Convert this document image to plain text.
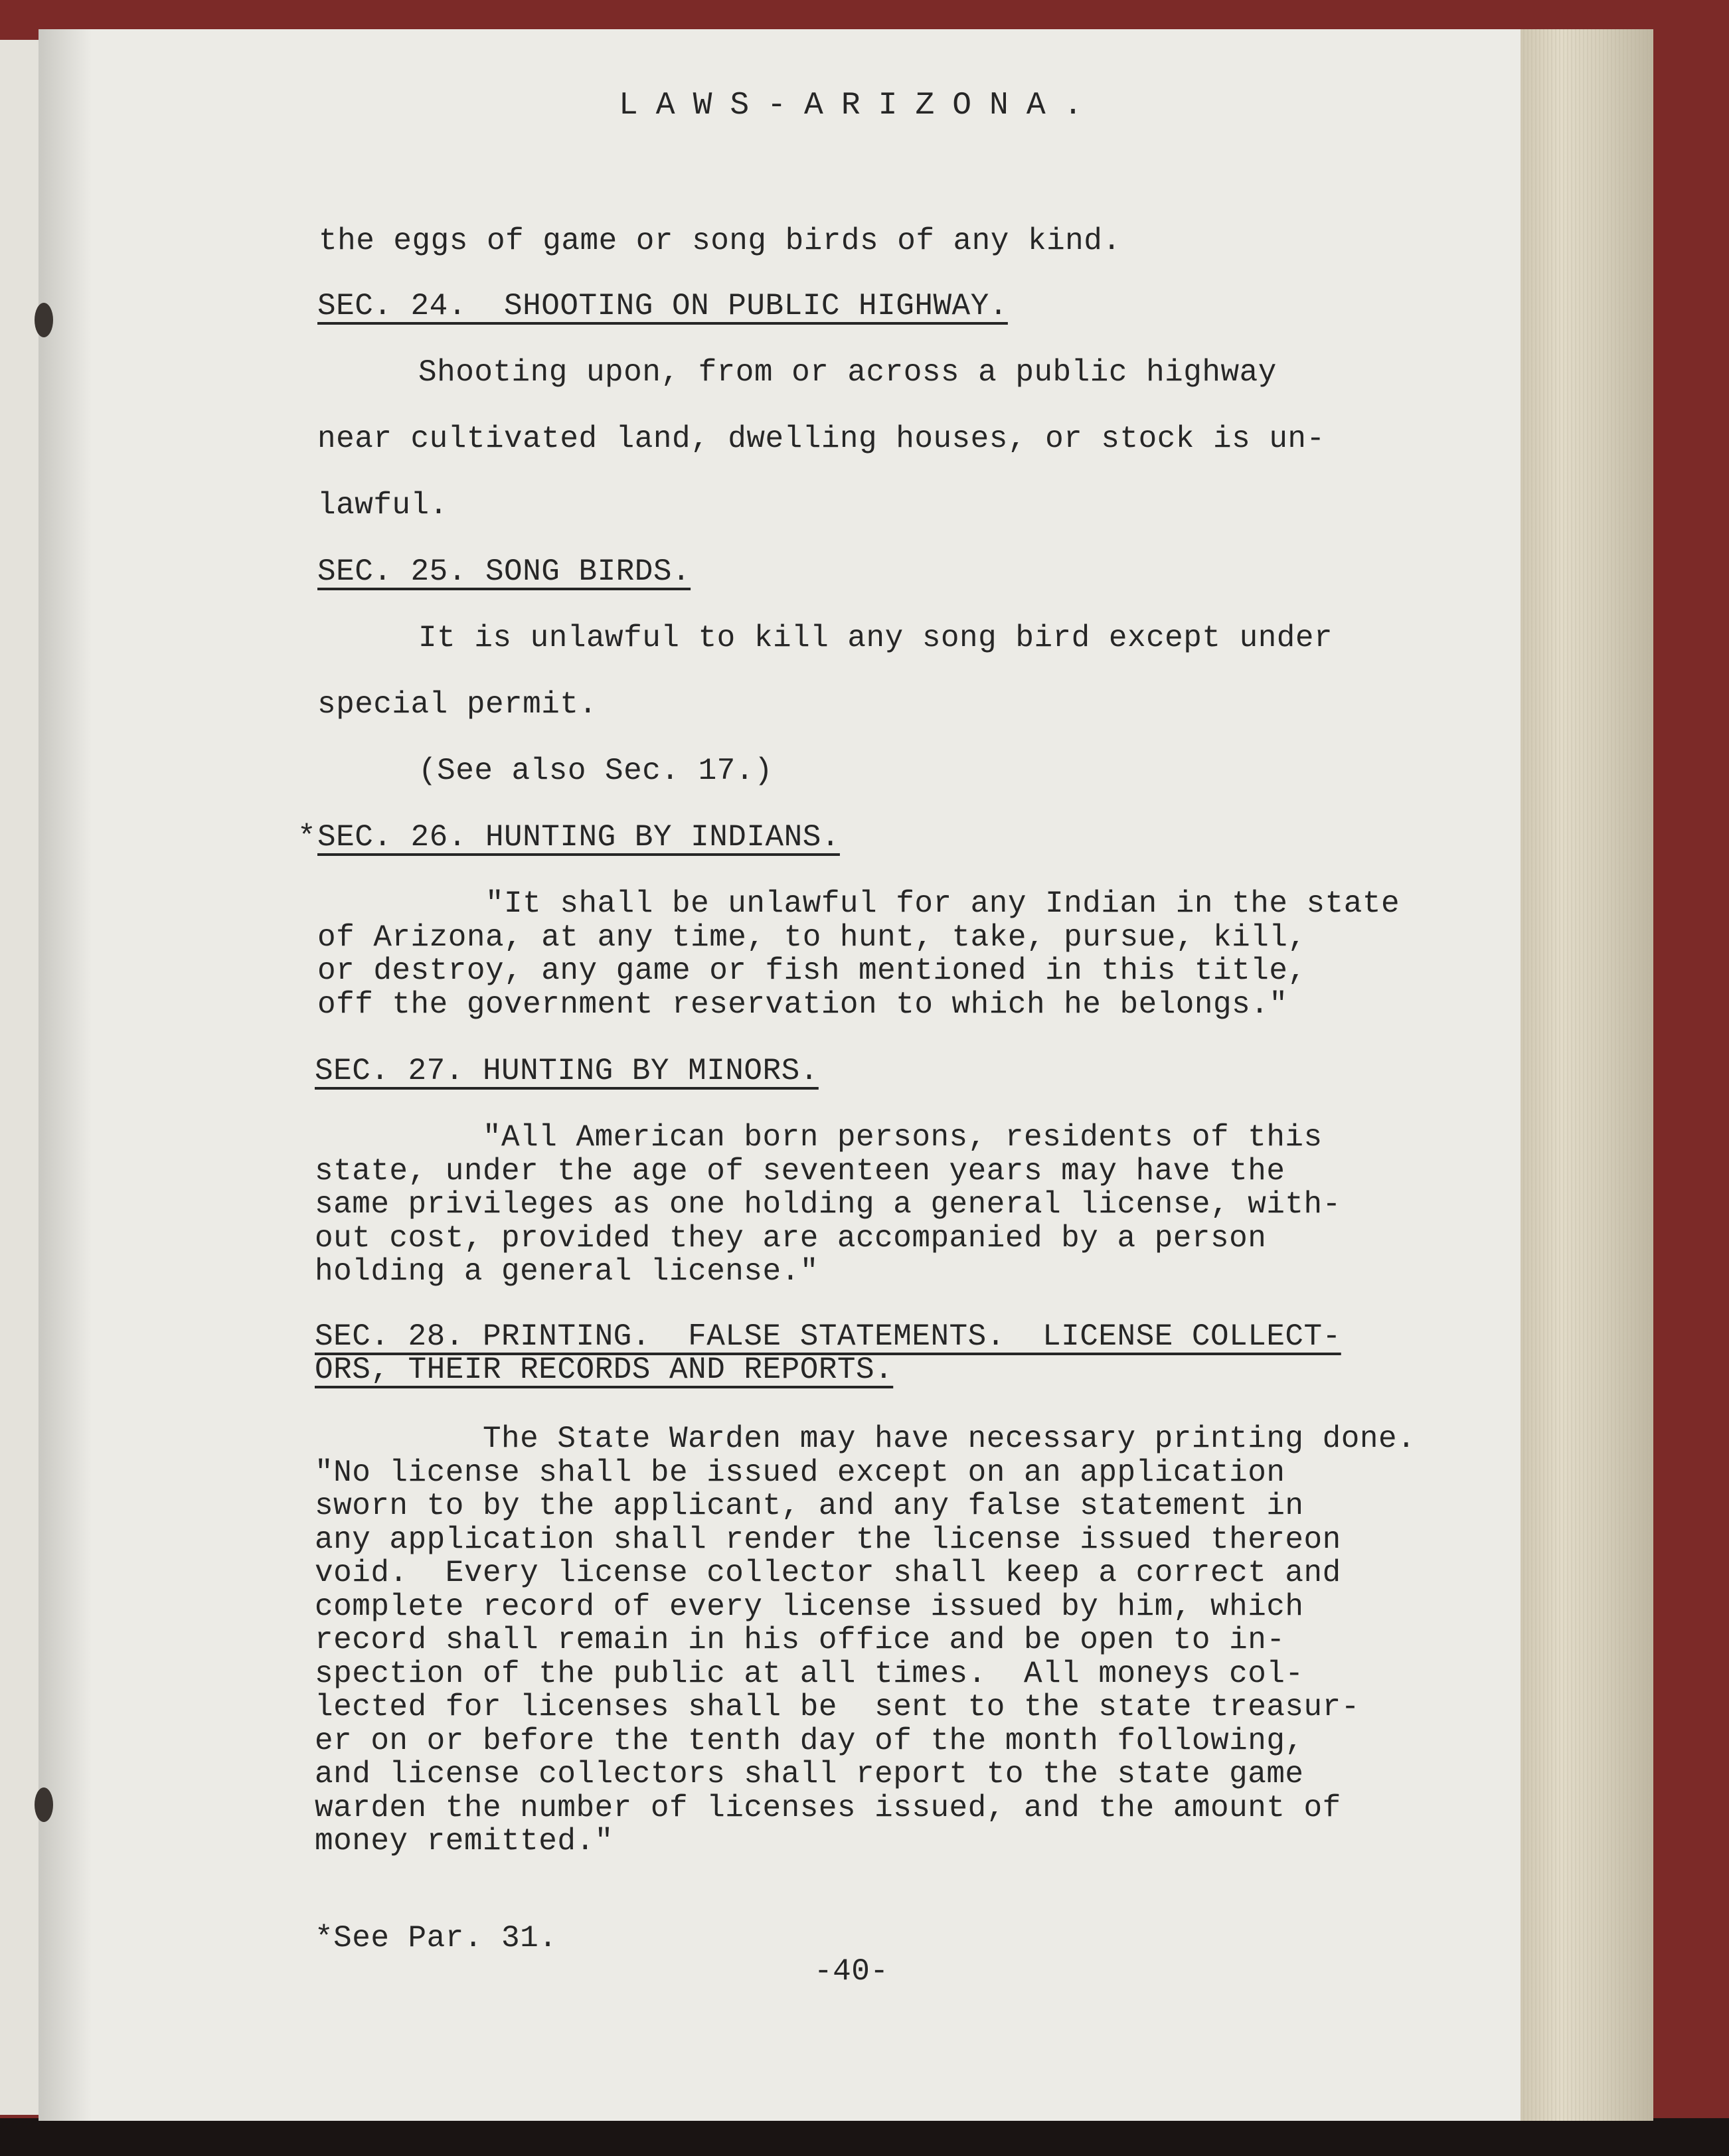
LAWS-ARIZONA.
the eggs of game or song birds of any kind.
SEC. 24.  SHOOTING ON PUBLIC HIGHWAY.
Shooting upon, from or across a public highway
near cultivated land, dwelling houses, or stock is un-
lawful.
SEC. 25. SONG BIRDS.
It is unlawful to kill any song bird except under
special permit.
(See also Sec. 17.)
* SEC. 26. HUNTING BY INDIANS.
"It shall be unlawful for any Indian in the state
of Arizona, at any time, to hunt, take, pursue, kill,
or destroy, any game or fish mentioned in this title,
off the government reservation to which he belongs."
SEC. 27. HUNTING BY MINORS.
"All American born persons, residents of this
state, under the age of seventeen years may have the
same privileges as one holding a general license, with-
out cost, provided they are accompanied by a person
holding a general license."
SEC. 28. PRINTING.  FALSE STATEMENTS.  LICENSE COLLECT-
ORS, THEIR RECORDS AND REPORTS.
The State Warden may have necessary printing done.
"No license shall be issued except on an application
sworn to by the applicant, and any false statement in
any application shall render the license issued thereon
void.  Every license collector shall keep a correct and
complete record of every license issued by him, which
record shall remain in his office and be open to in-
spection of the public at all times.  All moneys col-
lected for licenses shall be  sent to the state treasur-
er on or before the tenth day of the month following,
and license collectors shall report to the state game
warden the number of licenses issued, and the amount of
money remitted."
*See Par. 31.
-40-
